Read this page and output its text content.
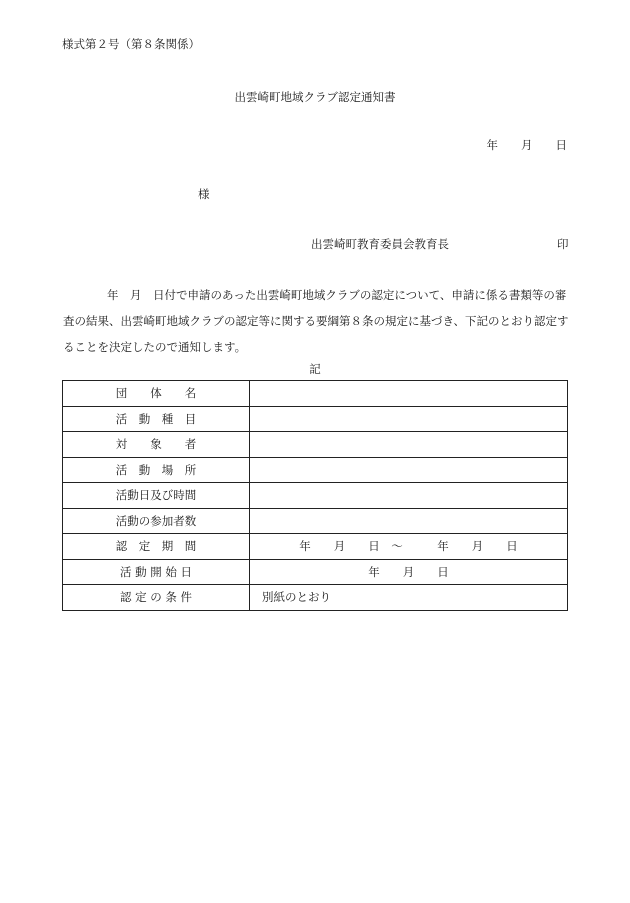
様式第２号（第８条関係）
出雲崎町地域クラブ認定通知書
年　　月　　日
様
出雲崎町教育委員会教育長	印
年　月　日付で申請のあった出雲崎町地域クラブの認定について、申請に係る書類等の審査の結果、出雲崎町地域クラブの認定等に関する要綱第８条の規定に基づき、下記のとおり認定することを決定したので通知します。
記
団　　体　　名	
活　動　種　目	
対　　象　　者	
活　動　場　所	
活動日及び時間	
活動の参加者数	
認　定　期　間	年　　月　　日　～　　　年　　月　　日
活 動 開 始 日	年　　月　　日
認 定 の 条 件	別紙のとおり
